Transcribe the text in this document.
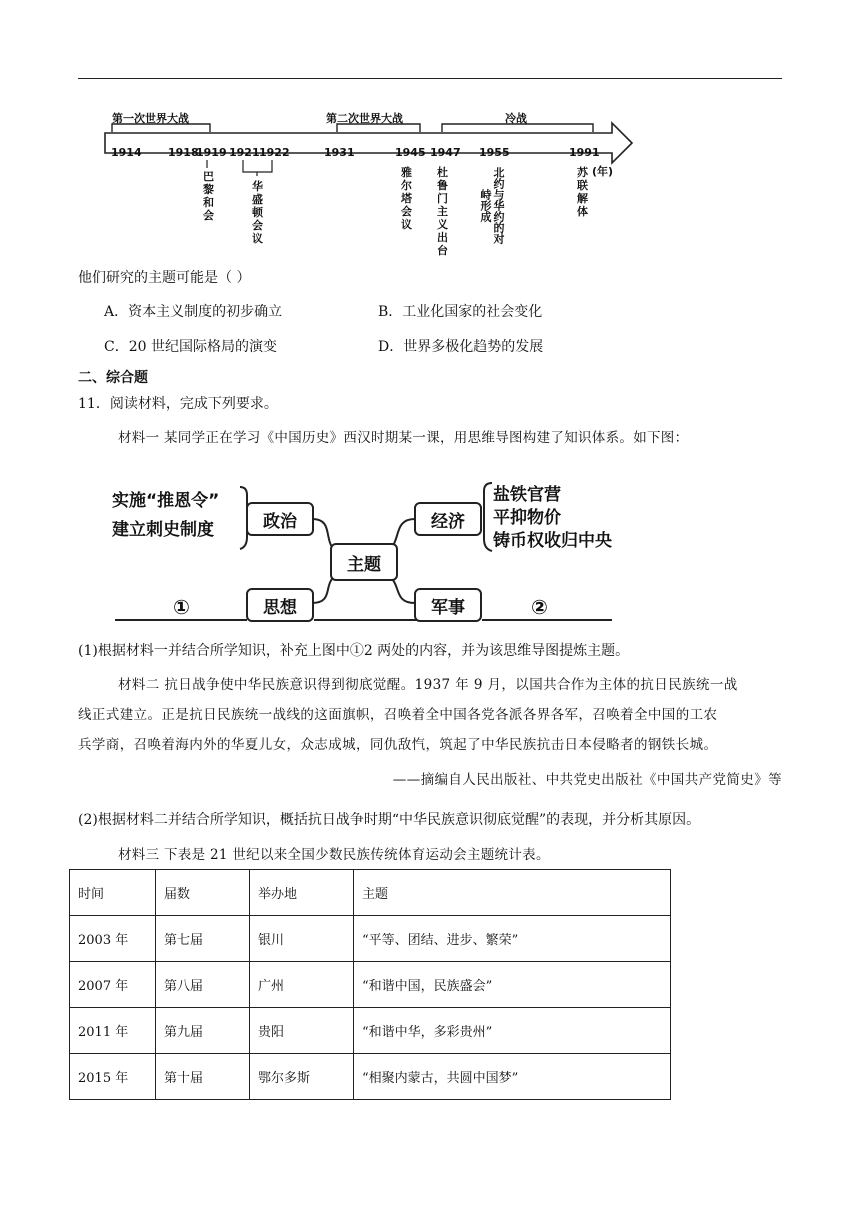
第一次世界大战	第二次世界大战	冷战
1914 1918
1919 1921 1922	1931	1945 1947 1955	1991
(年)
巴黎和会
华盛顿会议
雅尔塔会议
杜鲁门主义出台
北约与华约的对峙形成
苏联解体
他们研究的主题可能是（ ）
A．资本主义制度的初步确立	B．工业化国家的社会变化
C．20 世纪国际格局的演变	D．世界多极化趋势的发展
二、综合题
11．阅读材料，完成下列要求。
材料一 某同学正在学习《中国历史》西汉时期某一课，用思维导图构建了知识体系。如下图：
实施“推恩令”
建立刺史制度	政治	经济
主题
思想	军事
盐铁官营
平抑物价
铸币权收归中央
①	②
(1)根据材料一并结合所学知识，补充上图中①2 两处的内容，并为该思维导图提炼主题。
材料二 抗日战争使中华民族意识得到彻底觉醒。1937 年 9 月，以国共合作为主体的抗日民族统一战
线正式建立。正是抗日民族统一战线的这面旗帜，召唤着全中国各党各派各界各军，召唤着全中国的工农
兵学商，召唤着海内外的华夏儿女，众志成城，同仇敌忾，筑起了中华民族抗击日本侵略者的钢铁长城。
——摘编自人民出版社、中共党史出版社《中国共产党简史》等
(2)根据材料二并结合所学知识，概括抗日战争时期“中华民族意识彻底觉醒”的表现，并分析其原因。
材料三 下表是 21 世纪以来全国少数民族传统体育运动会主题统计表。
时间	届数	举办地	主题
2003 年	第七届	银川	“平等、团结、进步、繁荣”
2007 年	第八届	广州	“和谐中国，民族盛会”
2011 年	第九届	贵阳	“和谐中华，多彩贵州”
2015 年	第十届	鄂尔多斯	“相聚内蒙古，共圆中国梦”
